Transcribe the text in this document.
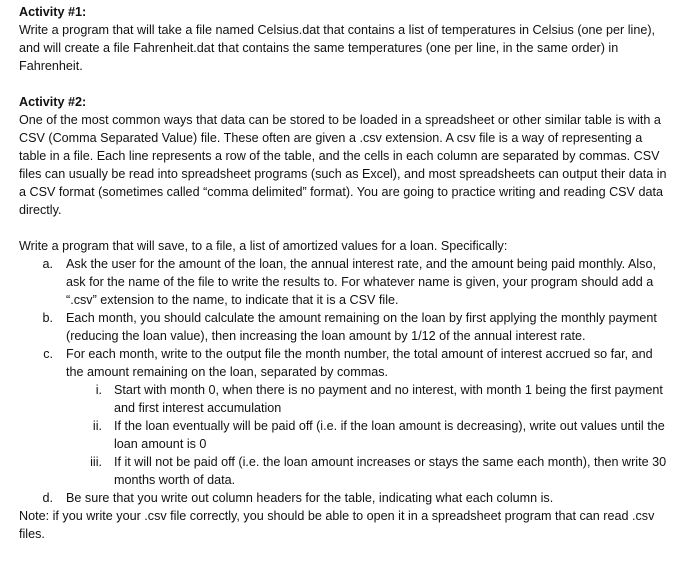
Activity #1:

Write a program that will take a file named Celsius.dat that contains a list of temperatures in Celsius (one per line), and will create a file Fahrenheit.dat that contains the same temperatures (one per line, in the same order) in Fahrenheit.

Activity #2:

One of the most common ways that data can be stored to be loaded in a spreadsheet or other similar table is with a CSV (Comma Separated Value) file. These often are given a .csv extension. A csv file is a way of representing a table in a file. Each line represents a row of the table, and the cells in each column are separated by commas. CSV files can usually be read into spreadsheet programs (such as Excel), and most spreadsheets can output their data in a CSV format (sometimes called “comma delimited” format). You are going to practice writing and reading CSV data directly.

Write a program that will save, to a file, a list of amortized values for a loan. Specifically:

a. Ask the user for the amount of the loan, the annual interest rate, and the amount being paid monthly. Also, ask for the name of the file to write the results to. For whatever name is given, your program should add a “.csv” extension to the name, to indicate that it is a CSV file.

b. Each month, you should calculate the amount remaining on the loan by first applying the monthly payment (reducing the loan value), then increasing the loan amount by 1/12 of the annual interest rate.

c. For each month, write to the output file the month number, the total amount of interest accrued so far, and the amount remaining on the loan, separated by commas.

i. Start with month 0, when there is no payment and no interest, with month 1 being the first payment and first interest accumulation

ii. If the loan eventually will be paid off (i.e. if the loan amount is decreasing), write out values until the loan amount is 0

iii. If it will not be paid off (i.e. the loan amount increases or stays the same each month), then write 30 months worth of data.

d. Be sure that you write out column headers for the table, indicating what each column is.

Note: if you write your .csv file correctly, you should be able to open it in a spreadsheet program that can read .csv files.
